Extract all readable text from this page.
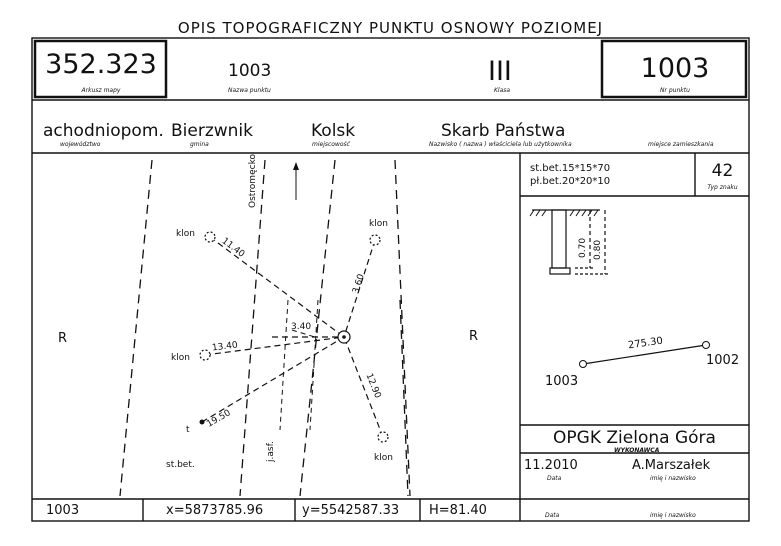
OPIS TOPOGRAFICZNY PUNKTU OSNOWY POZIOMEJ
352.323
Arkusz mapy
1003
Nazwa punktu
III
Klasa
1003
Nr punktu
achodniopom.
województwo
Bierzwnik
gmina
Kolsk
miejscowość
Skarb Państwa
Nazwisko ( nazwa ) właściciela lub użytkownika	miejsce zamieszkania
R	R
Ostromęcko
klon
klon
klon
klon
11.40
13.40
19.50
3.60
12.90
3.40
t
st.bet.
j.asf.
st.bet.15*15*70
pł.bet.20*20*10
42
Typ znaku
0.70 0.80
275.30
1003
1002
OPGK Zielona Góra
WYKONAWCA
11.2010
Data
A.Marszałek
imię i nazwisko
Data	imię i nazwisko
1003	x=5873785.96	y=5542587.33 H=81.40
